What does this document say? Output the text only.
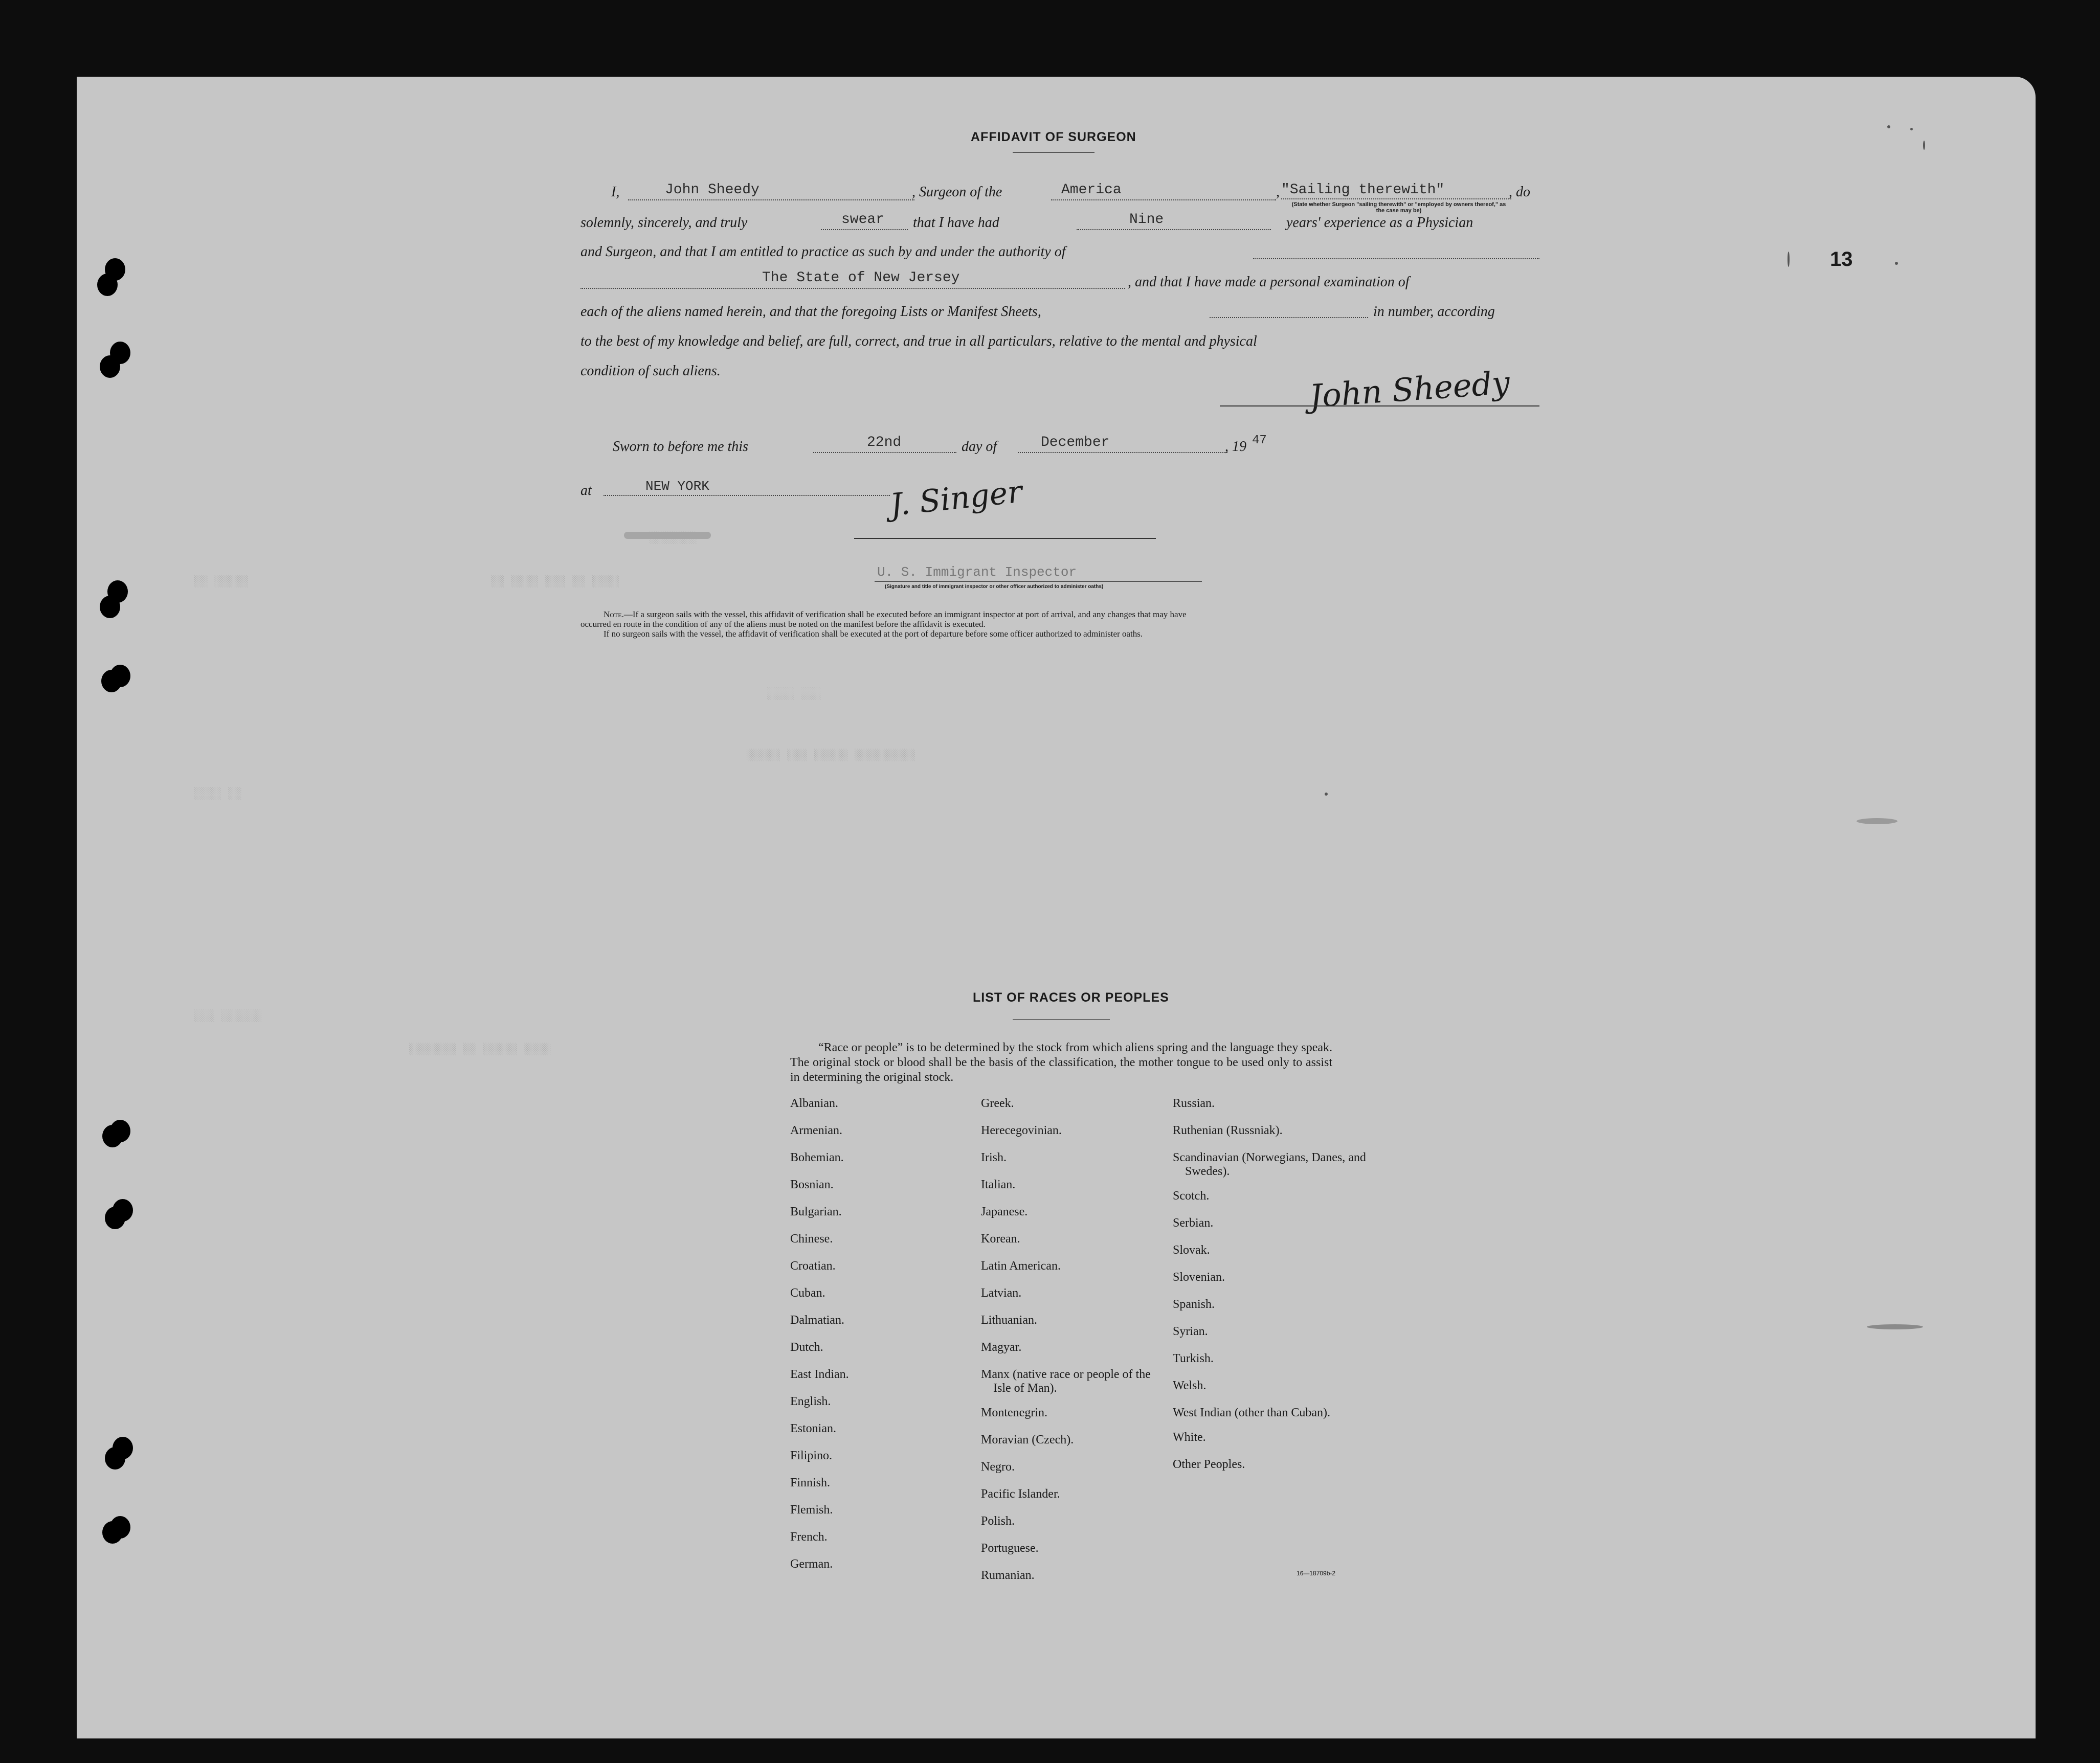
░░ ░░░░░	░░ ░░░░ ░░░ ░░ ░░░░
░░░░ ░░░
░░░░░ ░░░ ░░░░░ ░░░░░░░░░
░░░░ ░░
░░░ ░░░░░░
░░░░░░░ ░░ ░░░░░ ░░░░
13
AFFIDAVIT OF SURGEON
I,	John Sheedy	, Surgeon of the	America	, "Sailing therewith"	, do
(State whether Surgeon "sailing therewith" or "employed by owners thereof," as the case may be)
solemnly, sincerely, and truly	swear that I have had	Nine	years' experience as a Physician
and Surgeon, and that I am entitled to practice as such by and under the authority of
The State of New Jersey	, and that I have made a personal examination of
each of the aliens named herein, and that the foregoing Lists or Manifest Sheets,	in number, according
to the best of my knowledge and belief, are full, correct, and true in all particulars, relative to the mental and physical
condition of such aliens.	John Sheedy
Sworn to before me this	22nd	day of	December	, 19 47
at	NEW YORK	J. Singer
U. S. Immigrant Inspector
(Signature and title of immigrant inspector or other officer authorized to administer oaths)
Note.—If a surgeon sails with the vessel, this affidavit of verification shall be executed before an immigrant inspector at port of arrival, and any changes that may have
occurred en route in the condition of any of the aliens must be noted on the manifest before the affidavit is executed.
If no surgeon sails with the vessel, the affidavit of verification shall be executed at the port of departure before some officer authorized to administer oaths.
LIST OF RACES OR PEOPLES
“Race or people” is to be determined by the stock from which aliens spring and the language they speak. The original stock or blood shall be the basis of the classification, the mother tongue to be used only to assist in determining the original stock.
Albanian.
Armenian.
Bohemian.
Bosnian.
Bulgarian.
Chinese.
Croatian.
Cuban.
Dalmatian.
Dutch.
East Indian.
English.
Estonian.
Filipino.
Finnish.
Flemish.
French.
German.
Greek.
Herecegovinian.
Irish.
Italian.
Japanese.
Korean.
Latin American.
Latvian.
Lithuanian.
Magyar.
Manx (native race or people of the Isle of Man).
Montenegrin.
Moravian (Czech).
Negro.
Pacific Islander.
Polish.
Portuguese.
Rumanian.
Russian.
Ruthenian (Russniak).
Scandinavian (Norwegians, Danes, and Swedes).
Scotch.
Serbian.
Slovak.
Slovenian.
Spanish.
Syrian.
Turkish.
Welsh.
West Indian (other than Cuban).
White.
Other Peoples.
16—18709b-2
